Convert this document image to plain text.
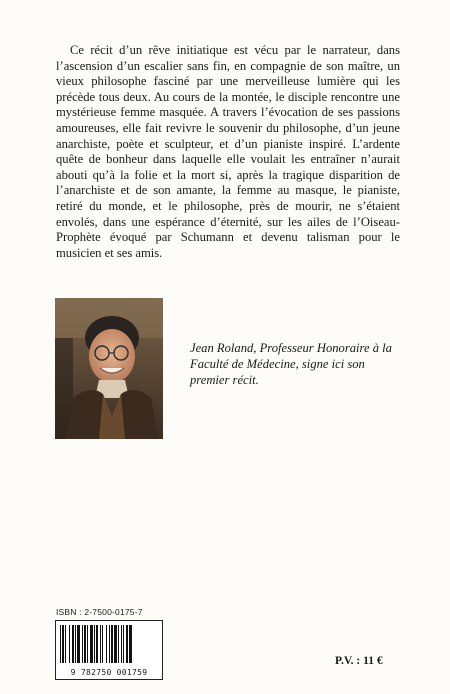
Ce récit d’un rêve initiatique est vécu par le narrateur, dans l’ascension d’un escalier sans fin, en compagnie de son maître, un vieux philosophe fasciné par une merveilleuse lumière qui les précède tous deux. Au cours de la montée, le disciple rencontre une mystérieuse femme masquée. A travers l’évocation de ses passions amoureuses, elle fait revivre le souvenir du philosophe, d’un jeune anarchiste, poète et sculpteur, et d’un pianiste inspiré. L’ardente quête de bonheur dans laquelle elle voulait les entraîner n’aurait abouti qu’à la folie et la mort si, après la tragique disparition de l’anarchiste et de son amante, la femme au masque, le pianiste, retiré du monde, et le philosophe, près de mourir, ne s’étaient envolés, dans une espérance d’éternité, sur les ailes de l’Oiseau-Prophète évoqué par Schumann et devenu talisman pour le musicien et ses amis.

Jean Roland, Professeur Honoraire à la Faculté de Médecine, signe ici son premier récit.

ISBN : 2-7500-0175-7
9 782750 001759
P.V. : 11 €
